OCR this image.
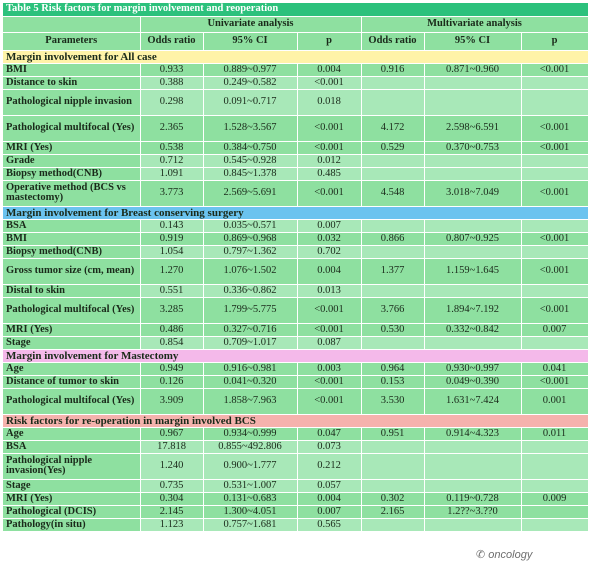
Table 5 Risk factors for margin involvement and reoperation						
	Univariate analysis			Multivariate analysis		
Parameters	Odds ratio	95% CI	p	Odds ratio	95% CI	p
Margin involvement for All case						
BMI	0.933	0.889~0.977	0.004	0.916	0.871~0.960	<0.001
Distance to skin	0.388	0.249~0.582	<0.001			
Pathological nipple invasion	0.298	0.091~0.717	0.018			
Pathological multifocal (Yes)	2.365	1.528~3.567	<0.001	4.172	2.598~6.591	<0.001
MRI (Yes)	0.538	0.384~0.750	<0.001	0.529	0.370~0.753	<0.001
Grade	0.712	0.545~0.928	0.012			
Biopsy method(CNB)	1.091	0.845~1.378	0.485			
Operative method (BCS vs mastectomy)	3.773	2.569~5.691	<0.001	4.548	3.018~7.049	<0.001
Margin involvement for Breast conserving surgery						
BSA	0.143	0.035~0.571	0.007			
BMI	0.919	0.869~0.968	0.032	0.866	0.807~0.925	<0.001
Biopsy method(CNB)	1.054	0.797~1.362	0.702			
Gross tumor size (cm, mean)	1.270	1.076~1.502	0.004	1.377	1.159~1.645	<0.001
Distal to skin	0.551	0.336~0.862	0.013			
Pathological multifocal (Yes)	3.285	1.799~5.775	<0.001	3.766	1.894~7.192	<0.001
MRI (Yes)	0.486	0.327~0.716	<0.001	0.530	0.332~0.842	0.007
Stage	0.854	0.709~1.017	0.087			
Margin involvement for Mastectomy						
Age	0.949	0.916~0.981	0.003	0.964	0.930~0.997	0.041
Distance of tumor to skin	0.126	0.041~0.320	<0.001	0.153	0.049~0.390	<0.001
Pathological multifocal (Yes)	3.909	1.858~7.963	<0.001	3.530	1.631~7.424	0.001
Risk factors for re-operation in margin involved BCS						
Age	0.967	0.934~0.999	0.047	0.951	0.914~4.323	0.011
BSA	17.818	0.855~492.806	0.073			
Pathological nipple invasion(Yes)	1.240	0.900~1.777	0.212			
Stage	0.735	0.531~1.007	0.057			
MRI (Yes)	0.304	0.131~0.683	0.004	0.302	0.119~0.728	0.009
Pathological (DCIS)	2.145	1.300~4.051	0.007	2.165	1.2??~3.??0	
Pathology(in situ)	1.123	0.757~1.681	0.565			
✆ oncology
